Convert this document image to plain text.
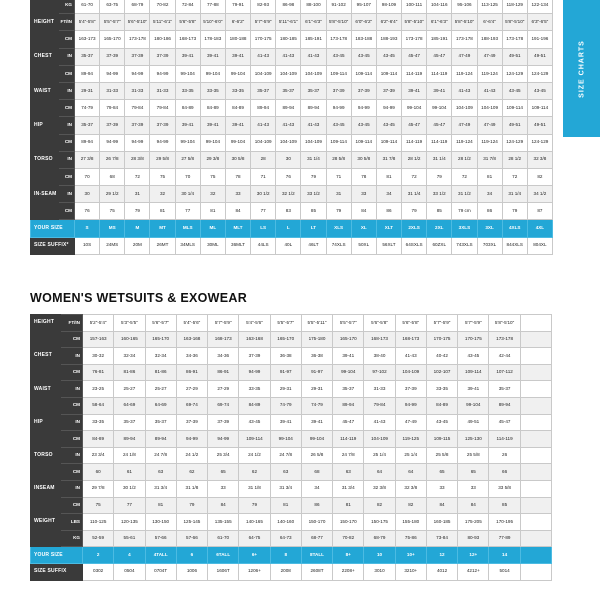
SIZE CHARTS
	KG	61-70	63-75	68-79	70-82	72-84	77-88	79-91	82-93	86-98	88-100	91-102	95-107	98-109	100-111	104-116	95-106	113-125	118-129	122-134
HEIGHT	FT/IN	5'4"-5'8"	5'5"-5'7"	5'6"-5'10"	5'11"-6'1"	5'6"-5'8"	5'10"-6'0"	6'-6'2"	5'7"-5'9"	5'11"-6'1"	6'1"-6'3"	5'8"-5'10"	6'0"-6'2"	6'2"-6'4"	5'8"-5'10"	6'1"-6'3"	5'8"-5'10"	6'-6'4"	5'8"-5'10"	6'3"-6'5"
	CM	163-173	165-170	173-178	180-186	168-173	178-183	180-188	170-175	180-185	185-191	173-178	183-188	188-193	173-178	185-191	173-178	188-193	173-178	191-196
CHEST	IN	35-37	37-39	37-39	37-39	39-41	39-41	39-41	41-43	41-43	41-43	43-45	43-45	43-45	45-47	45-47	47-49	47-49	49-51	49-51
	CM	89-94	94-99	94-99	94-99	99-104	99-104	99-104	104-109	104-109	104-109	109-114	109-114	109-114	114-119	114-119	119-124	119-124	124-129	124-129
WAIST	IN	29-31	31-33	31-33	31-33	33-35	33-35	33-35	35-37	35-37	35-37	37-39	37-39	37-39	39-41	39-41	41-43	41-43	43-45	43-45
	CM	74-79	79-84	79-84	79-84	84-89	84-89	84-89	89-94	89-94	89-94	94-99	94-99	94-99	99-104	99-104	104-109	104-109	109-114	109-114
HIP	IN	35-37	37-39	37-39	37-39	39-41	39-41	39-41	41-43	41-43	41-43	43-45	43-45	43-45	45-47	45-47	47-49	47-49	49-51	49-51
	CM	89-94	94-99	94-99	94-99	99-104	99-104	99-104	104-109	104-109	104-109	109-114	109-114	109-114	114-119	114-119	119-124	119-124	124-129	124-129
TORSO	IN	27 3/8	26 7/8	28 3/8	29 5/8	27 5/8	29 3/8	30 5/8	28	30	31 1/4	28 5/8	30 5/8	31 7/8	28 1/2	31 1/4	28 1/2	31 7/8	28 1/2	32 3/8
	CM	70	68	72	75	70	75	78	71	76	79	71	78	81	72	79	72	81	72	82
IN-SEAM	IN	30	29 1/2	31	32	30 1/4	32	33	30 1/2	32 1/2	33 1/2	31	33	34	31 1/4	33 1/2	31 1/2	34	31 1/4	34 1/2
	CM	76	75	79	81	77	81	84	77	83	85	79	84	86	79	85	79 cm	86	79	87
YOUR SIZE		S	MS	M	MT	MLS	ML	MLT	LS	L	LT	XLS	XL	XLT	2XLS	2XL	3XLS	3XL	4XLS	4XL
SIZE SUFFIX*		10S	24MS	20M	26MT	34MLS	30ML	36MLT	44LS	40L	46LT	74XLS	50XL	56XLT	64SXLS	60ZXL	743XLS	703XL	844XLS	804XL
WOMEN'S WETSUITS & EXOWEAR
HEIGHT	FT/IN	5'2"-5'4"	5'3"-5'5"	5'6"-5'7"	5'4"-5'6"	5'7"-5'9"	5'4"-5'6"	5'5"-5'7"	5'5"-5'11"	5'5"-5'7"	5'6"-5'8"	5'6"-5'8"	5'7"-5'9"	5'7"-5'9"	5'8"-5'10"	
	CM	157-163	160-165	165-170	163-168	168-173	163-168	165-170	175-180	165-170	168-173	168-173	170-175	170-175	173-178	
CHEST	IN	30-32	32-34	32-34	34-36	34-36	37-39	36-38	36-38	39-41	38-40	41-43	40-42	43-45	42-44	
	CM	76-81	81-86	81-86	86-91	86-91	94-99	91-97	91-97	99-104	97-102	104-109	102-107	109-114	107-112	
WAIST	IN	23-25	25-27	25-27	27-29	27-29	33-35	29-31	29-31	35-37	31-33	37-39	33-35	39-41	35-37	
	CM	58-64	64-69	64-69	69-74	69-74	84-89	74-79	74-79	89-94	79-84	94-99	84-89	99-104	89-94	
HIP	IN	33-35	35-37	35-37	37-39	37-39	43-45	39-41	39-41	45-47	41-43	47-49	43-45	49-51	45-47	
	CM	84-89	89-94	89-94	94-99	94-99	109-114	99-104	99-104	114-119	104-109	119-125	109-115	125-130	114-119	
TORSO	IN	23 3/4	24 1/8	24 7/8	24 1/2	25 3/4	24 1/2	24 7/8	26 5/8	24 7/8	25 1/4	25 1/4	25 5/8	25 5/8	26	
	CM	60	61	63	62	65	62	63	68	63	64	64	65	65	66	
INSEAM	IN	29 7/8	30 1/2	31 3/4	31 1/8	33	31 1/8	31 3/4	34	31 3/4	32 3/8	32 3/8	33	33	33 5/8	
	CM	75	77	81	79	84	79	81	86	81	82	82	84	84	85	
WEIGHT	LBS	110-125	120-135	130-150	125-145	135-155	140-165	140-160	150-170	150-170	150-175	155-180	160-185	175-205	170-195	
	KG	52-59	55-61	57-66	57-66	61-70	64-75	64-73	68-77	70-82	68-79	75-86	73-84	80-93	77-89	
YOUR SIZE		2	4	4TALL	6	6TALL	6+	8	8TALL	8+	10	10+	12	12+	14	
SIZE SUFFIX		0302	0504	0704T	1006	1606T	1206+	2008	2608T	2208+	3010	3210+	4012	4212+	5014	
